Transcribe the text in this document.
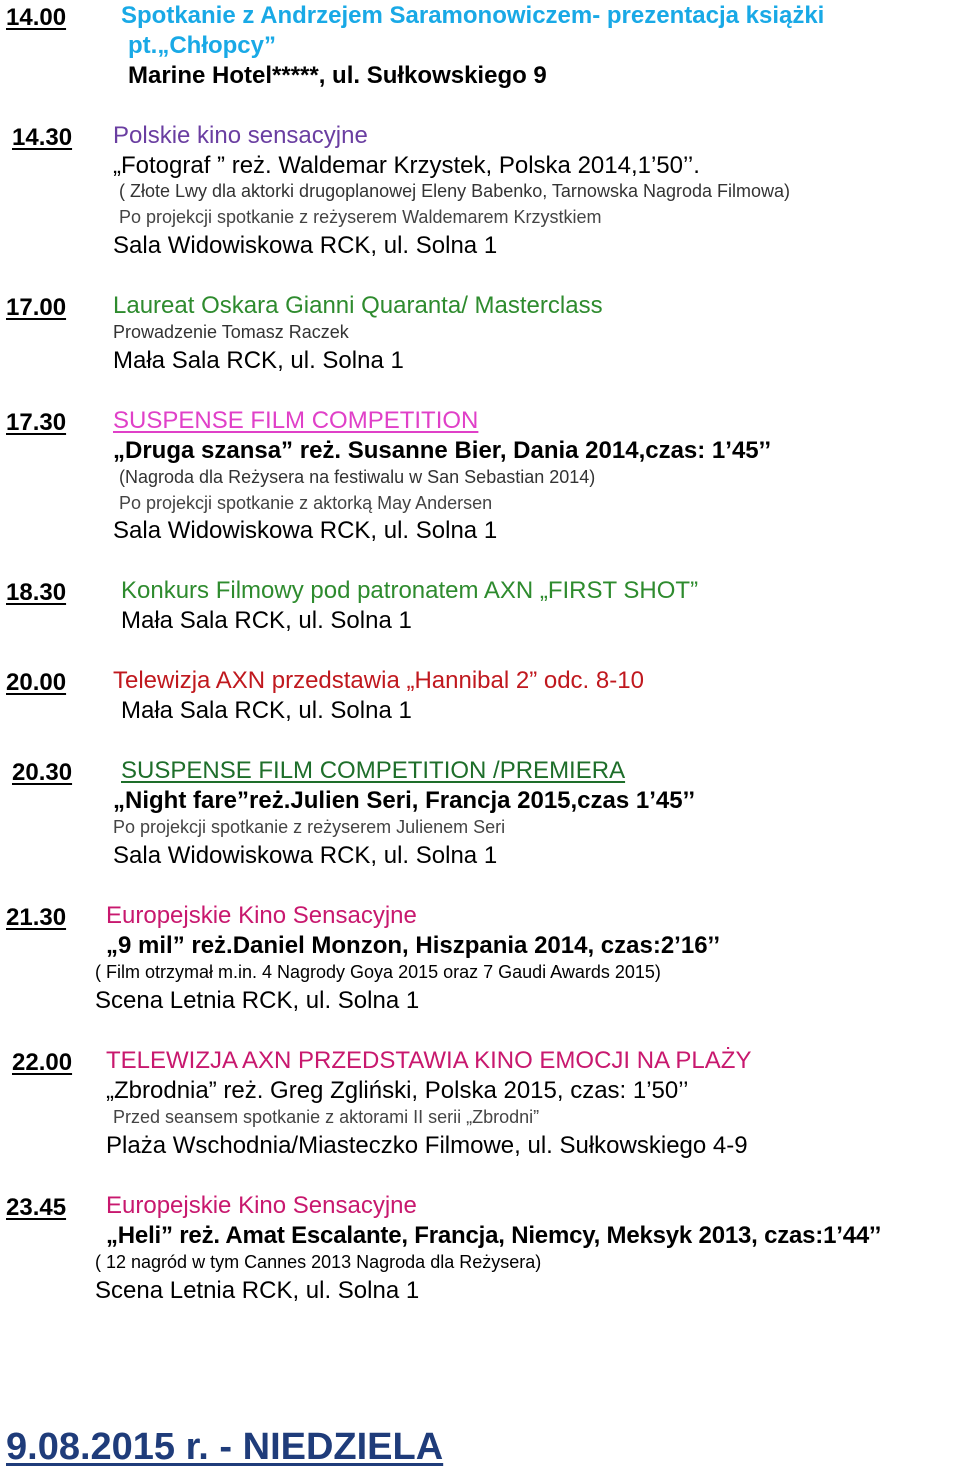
14.00 Spotkanie z Andrzejem Saramonowiczem- prezentacja książki
pt.„Chłopcy”
Marine Hotel*****, ul. Sułkowskiego 9
14.30 Polskie kino sensacyjne
„Fotograf ” reż. Waldemar Krzystek, Polska 2014,1’50’’.
( Złote Lwy dla aktorki drugoplanowej Eleny Babenko, Tarnowska Nagroda Filmowa)
Po projekcji spotkanie z reżyserem Waldemarem Krzystkiem
Sala Widowiskowa RCK, ul. Solna 1
17.00 Laureat Oskara Gianni Quaranta/ Masterclass
Prowadzenie Tomasz Raczek
Mała Sala RCK, ul. Solna 1
17.30 SUSPENSE FILM COMPETITION
„Druga szansa” reż. Susanne Bier, Dania 2014,czas: 1’45’’
(Nagroda dla Reżysera na festiwalu w San Sebastian 2014)
Po projekcji spotkanie z aktorką May Andersen
Sala Widowiskowa RCK, ul. Solna 1
18.30 Konkurs Filmowy pod patronatem AXN „FIRST SHOT”
Mała Sala RCK, ul. Solna 1
20.00 Telewizja AXN przedstawia „Hannibal 2” odc. 8-10
Mała Sala RCK, ul. Solna 1
20.30 SUSPENSE FILM COMPETITION /PREMIERA
„Night fare”reż.Julien Seri, Francja 2015,czas 1’45’’
Po projekcji spotkanie z reżyserem Julienem Seri
Sala Widowiskowa RCK, ul. Solna 1
21.30 Europejskie Kino Sensacyjne
„9 mil” reż.Daniel Monzon, Hiszpania 2014, czas:2’16’’
( Film otrzymał m.in. 4 Nagrody Goya 2015 oraz 7 Gaudi Awards 2015)
Scena Letnia RCK, ul. Solna 1
22.00 TELEWIZJA AXN PRZEDSTAWIA KINO EMOCJI NA PLAŻY
„Zbrodnia” reż. Greg Zgliński, Polska 2015, czas: 1’50’’
Przed seansem spotkanie z aktorami II serii „Zbrodni”
Plaża Wschodnia/Miasteczko Filmowe, ul. Sułkowskiego 4-9
23.45 Europejskie Kino Sensacyjne
„Heli” reż. Amat Escalante, Francja, Niemcy, Meksyk 2013, czas:1’44’’
( 12 nagród w tym Cannes 2013 Nagroda dla Reżysera)
Scena Letnia RCK, ul. Solna 1
9.08.2015 r. - NIEDZIELA
